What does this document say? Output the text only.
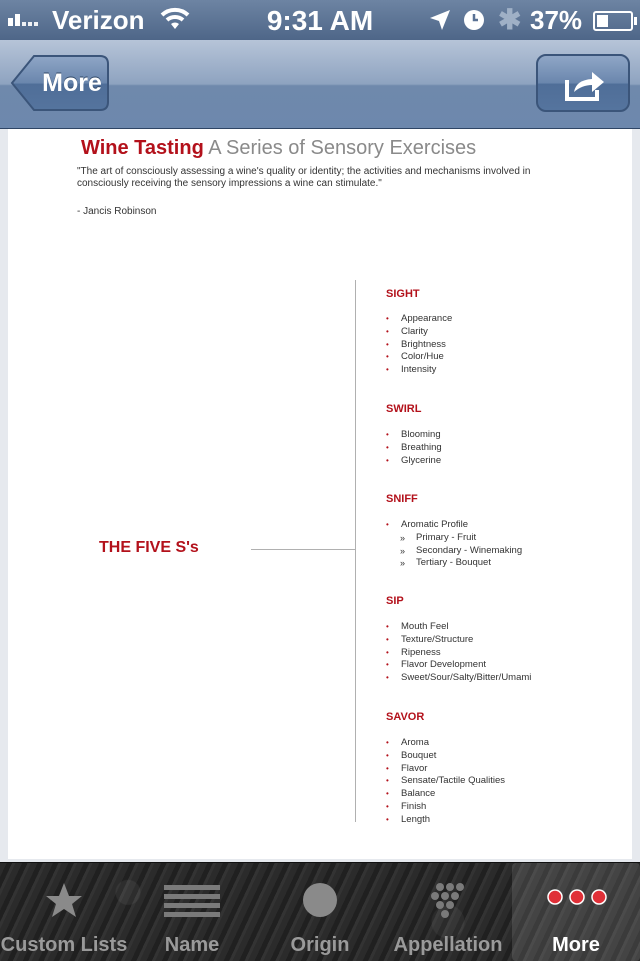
Verizon	9:31 AM	✱ 37%
More
Wine Tasting A Series of Sensory Exercises
"The art of consciously assessing a wine's quality or identity; the activities and mechanisms involved in consciously receiving the sensory impressions a wine can stimulate."
- Jancis Robinson
THE FIVE S's
SIGHT
• Appearance
• Clarity
• Brightness
• Color/Hue
• Intensity
SWIRL
• Blooming
• Breathing
• Glycerine
SNIFF
• Aromatic Profile
» Primary - Fruit
» Secondary - Winemaking
» Tertiary - Bouquet
SIP
• Mouth Feel
• Texture/Structure
• Ripeness
• Flavor Development
• Sweet/Sour/Salty/Bitter/Umami
SAVOR
• Aroma
• Bouquet
• Flavor
• Sensate/Tactile Qualities
• Balance
• Finish
• Length
Custom Lists	Name	Origin	Appellation	More
